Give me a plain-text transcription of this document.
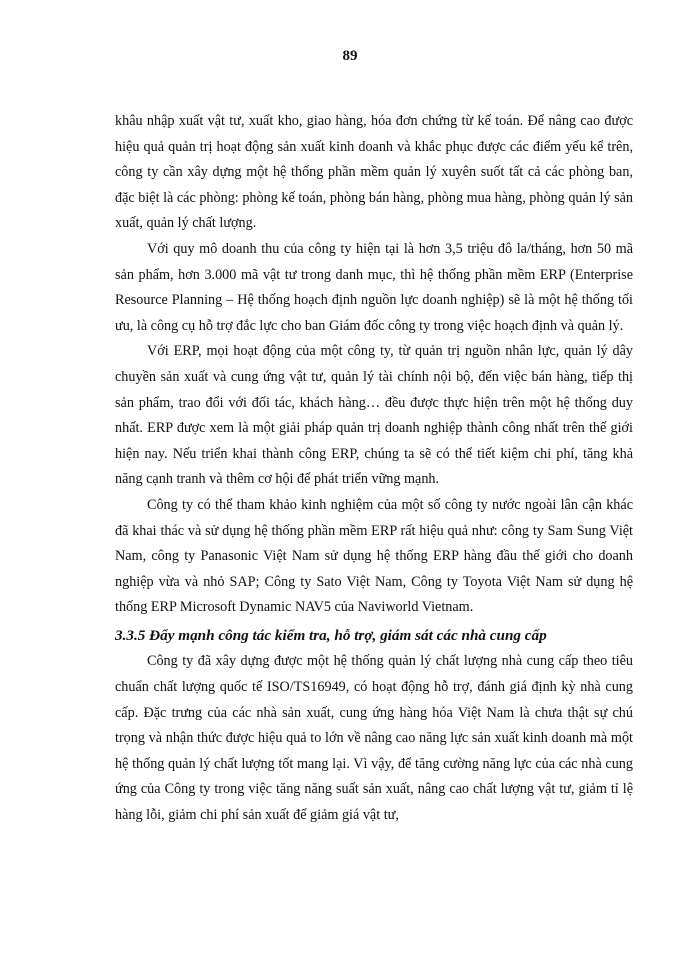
89

khâu nhập xuất vật tư, xuất kho, giao hàng, hóa đơn chứng từ kế toán. Để nâng cao được hiệu quả quản trị hoạt động sản xuất kinh doanh và khắc phục được các điểm yếu kể trên, công ty cần xây dựng một hệ thống phần mềm quản lý xuyên suốt tất cả các phòng ban, đặc biệt là các phòng: phòng kế toán, phòng bán hàng, phòng mua hàng, phòng quản lý sản xuất, quản lý chất lượng.

Với quy mô doanh thu của công ty hiện tại là hơn 3,5 triệu đô la/tháng, hơn 50 mã sản phẩm, hơn 3.000 mã vật tư trong danh mục, thì hệ thống phần mềm ERP (Enterprise Resource Planning – Hệ thống hoạch định nguồn lực doanh nghiệp) sẽ là một hệ thống tối ưu, là công cụ hỗ trợ đắc lực cho ban Giám đốc công ty trong việc hoạch định và quản lý.

Với ERP, mọi hoạt động của một công ty, từ quản trị nguồn nhân lực, quản lý dây chuyền sản xuất và cung ứng vật tư, quản lý tài chính nội bộ, đến việc bán hàng, tiếp thị sản phẩm, trao đổi với đối tác, khách hàng… đều được thực hiện trên một hệ thống duy nhất. ERP được xem là một giải pháp quản trị doanh nghiệp thành công nhất trên thế giới hiện nay. Nếu triển khai thành công ERP, chúng ta sẽ có thể tiết kiệm chi phí, tăng khả năng cạnh tranh và thêm cơ hội để phát triển vững mạnh.

Công ty có thể tham khảo kinh nghiệm của một số công ty nước ngoài lân cận khác đã khai thác và sử dụng hệ thống phần mềm ERP rất hiệu quả như: công ty Sam Sung Việt Nam, công ty Panasonic Việt Nam sử dụng hệ thống ERP hàng đầu thế giới cho doanh nghiệp vừa và nhỏ SAP; Công ty Sato Việt Nam, Công ty Toyota Việt Nam sử dụng hệ thống ERP Microsoft Dynamic NAV5 của Naviworld Vietnam.

3.3.5 Đẩy mạnh công tác kiểm tra, hỗ trợ, giám sát các nhà cung cấp

Công ty đã xây dựng được một hệ thống quản lý chất lượng nhà cung cấp theo tiêu chuẩn chất lượng quốc tế ISO/TS16949, có hoạt động hỗ trợ, đánh giá định kỳ nhà cung cấp. Đặc trưng của các nhà sản xuất, cung ứng hàng hóa Việt Nam là chưa thật sự chú trọng và nhận thức được hiệu quả to lớn về nâng cao năng lực sản xuất kinh doanh mà một hệ thống quản lý chất lượng tốt mang lại. Vì vậy, để tăng cường năng lực của các nhà cung ứng của Công ty trong việc tăng năng suất sản xuất, nâng cao chất lượng vật tư, giảm tỉ lệ hàng lỗi, giảm chi phí sản xuất để giảm giá vật tư,
